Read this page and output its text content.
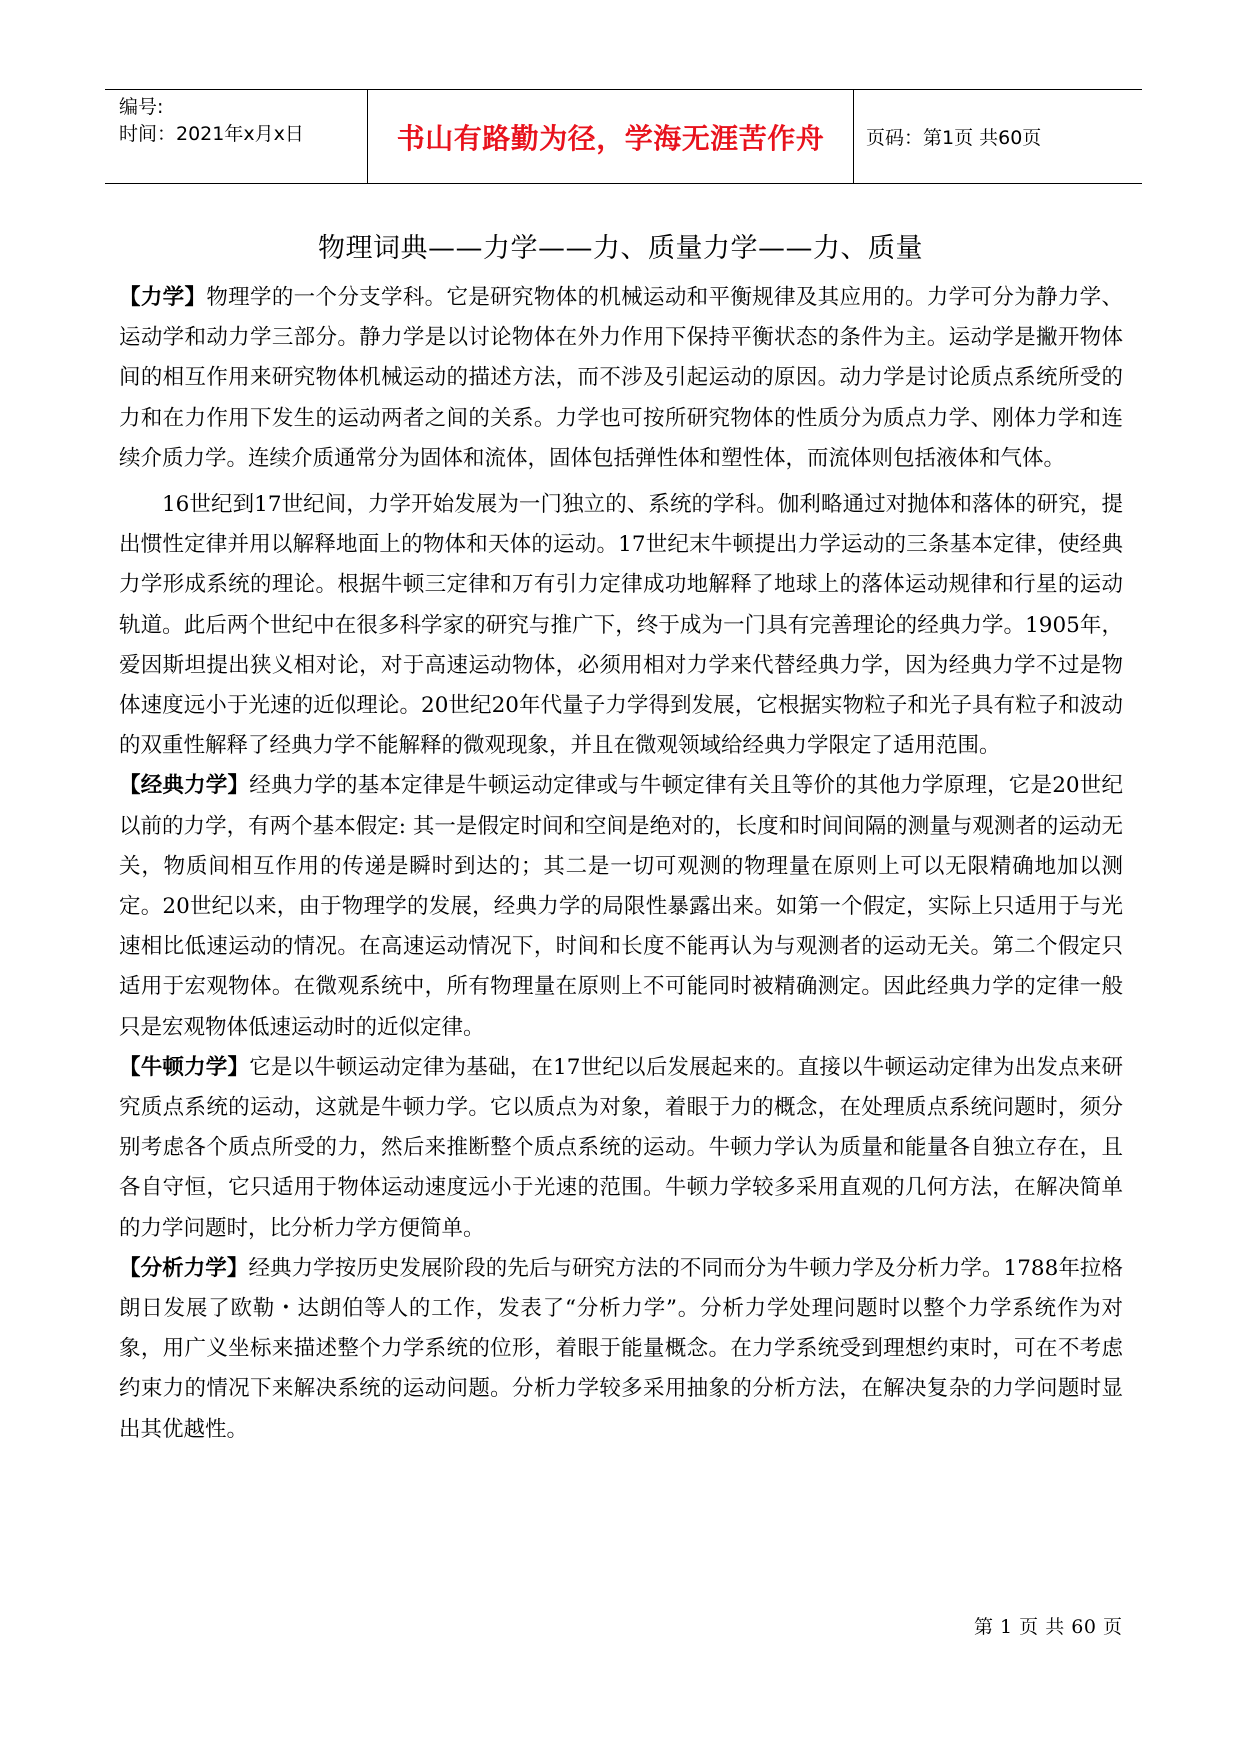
编号:
时间：2021年x月x日	书山有路勤为径，学海无涯苦作舟 页码：第1页 共60页
物理词典——力学——力、质量力学——力、质量

【力学】物理学的一个分支学科。它是研究物体的机械运动和平衡规律及其应用的。力学可分为静力学、运动学和动力学三部分。静力学是以讨论物体在外力作用下保持平衡状态的条件为主。运动学是撇开物体间的相互作用来研究物体机械运动的描述方法，而不涉及引起运动的原因。动力学是讨论质点系统所受的力和在力作用下发生的运动两者之间的关系。力学也可按所研究物体的性质分为质点力学、刚体力学和连续介质力学。连续介质通常分为固体和流体，固体包括弹性体和塑性体，而流体则包括液体和气体。

16世纪到17世纪间，力学开始发展为一门独立的、系统的学科。伽利略通过对抛体和落体的研究，提出惯性定律并用以解释地面上的物体和天体的运动。17世纪末牛顿提出力学运动的三条基本定律，使经典力学形成系统的理论。根据牛顿三定律和万有引力定律成功地解释了地球上的落体运动规律和行星的运动轨道。此后两个世纪中在很多科学家的研究与推广下，终于成为一门具有完善理论的经典力学。1905年，爱因斯坦提出狭义相对论，对于高速运动物体，必须用相对力学来代替经典力学，因为经典力学不过是物体速度远小于光速的近似理论。20世纪20年代量子力学得到发展，它根据实物粒子和光子具有粒子和波动的双重性解释了经典力学不能解释的微观现象，并且在微观领域给经典力学限定了适用范围。

【经典力学】经典力学的基本定律是牛顿运动定律或与牛顿定律有关且等价的其他力学原理，它是20世纪以前的力学，有两个基本假定: 其一是假定时间和空间是绝对的，长度和时间间隔的测量与观测者的运动无关，物质间相互作用的传递是瞬时到达的；其二是一切可观测的物理量在原则上可以无限精确地加以测定。20世纪以来，由于物理学的发展，经典力学的局限性暴露出来。如第一个假定，实际上只适用于与光速相比低速运动的情况。在高速运动情况下，时间和长度不能再认为与观测者的运动无关。第二个假定只适用于宏观物体。在微观系统中，所有物理量在原则上不可能同时被精确测定。因此经典力学的定律一般只是宏观物体低速运动时的近似定律。

【牛顿力学】它是以牛顿运动定律为基础，在17世纪以后发展起来的。直接以牛顿运动定律为出发点来研究质点系统的运动，这就是牛顿力学。它以质点为对象，着眼于力的概念，在处理质点系统问题时，须分别考虑各个质点所受的力，然后来推断整个质点系统的运动。牛顿力学认为质量和能量各自独立存在，且各自守恒，它只适用于物体运动速度远小于光速的范围。牛顿力学较多采用直观的几何方法，在解决简单的力学问题时，比分析力学方便简单。

【分析力学】经典力学按历史发展阶段的先后与研究方法的不同而分为牛顿力学及分析力学。1788年拉格朗日发展了欧勒・达朗伯等人的工作，发表了“分析力学”。分析力学处理问题时以整个力学系统作为对象，用广义坐标来描述整个力学系统的位形，着眼于能量概念。在力学系统受到理想约束时，可在不考虑约束力的情况下来解决系统的运动问题。分析力学较多采用抽象的分析方法，在解决复杂的力学问题时显出其优越性。

第 1 页 共 60 页
